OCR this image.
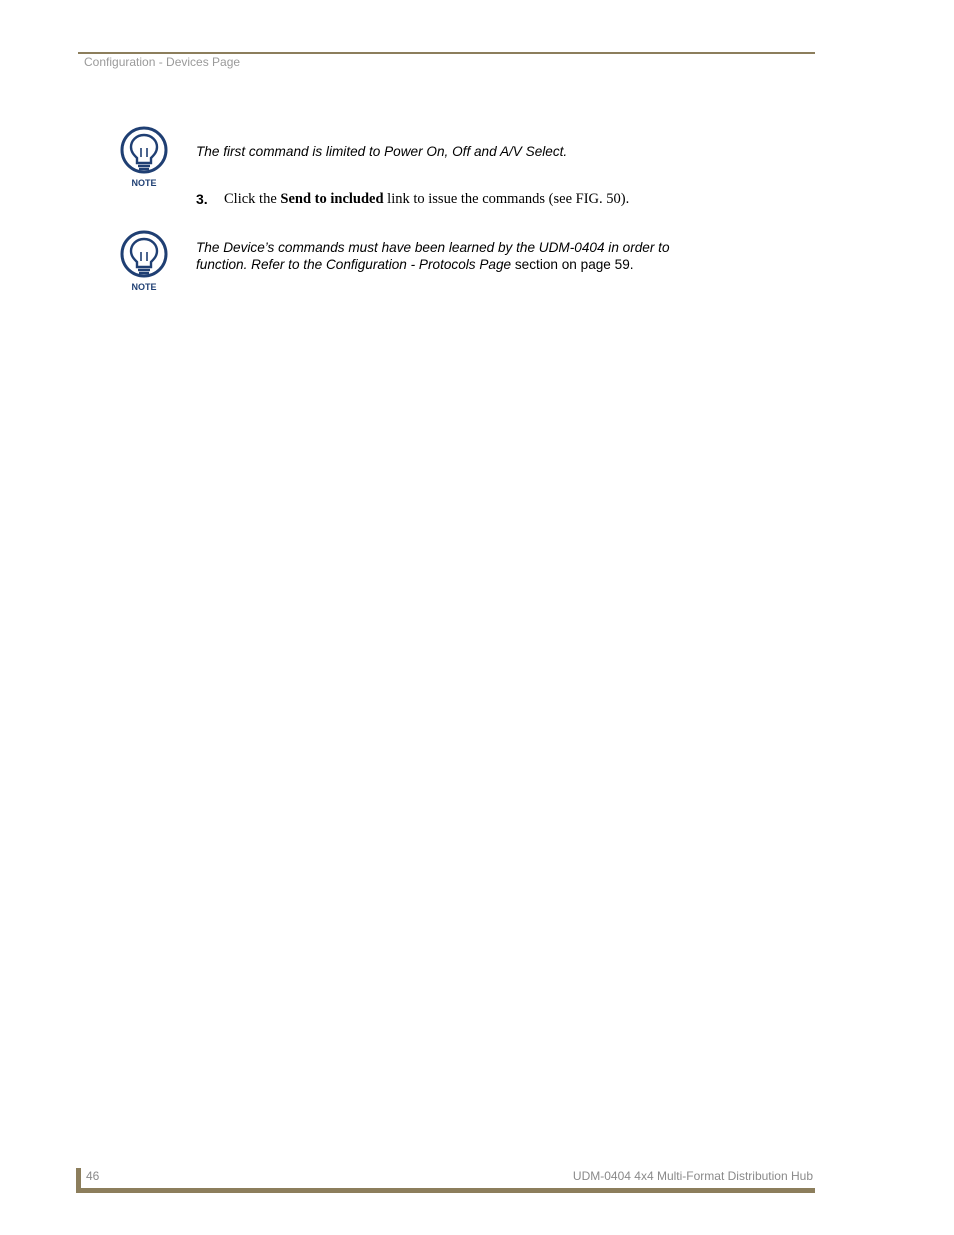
Configuration - Devices Page
NOTE
The first command is limited to Power On, Off and A/V Select.
3. Click the Send to included link to issue the commands (see FIG. 50).
NOTE
The Device’s commands must have been learned by the UDM-0404 in order to
function. Refer to the Configuration - Protocols Page section on page 59.
46	UDM-0404 4x4 Multi-Format Distribution Hub
